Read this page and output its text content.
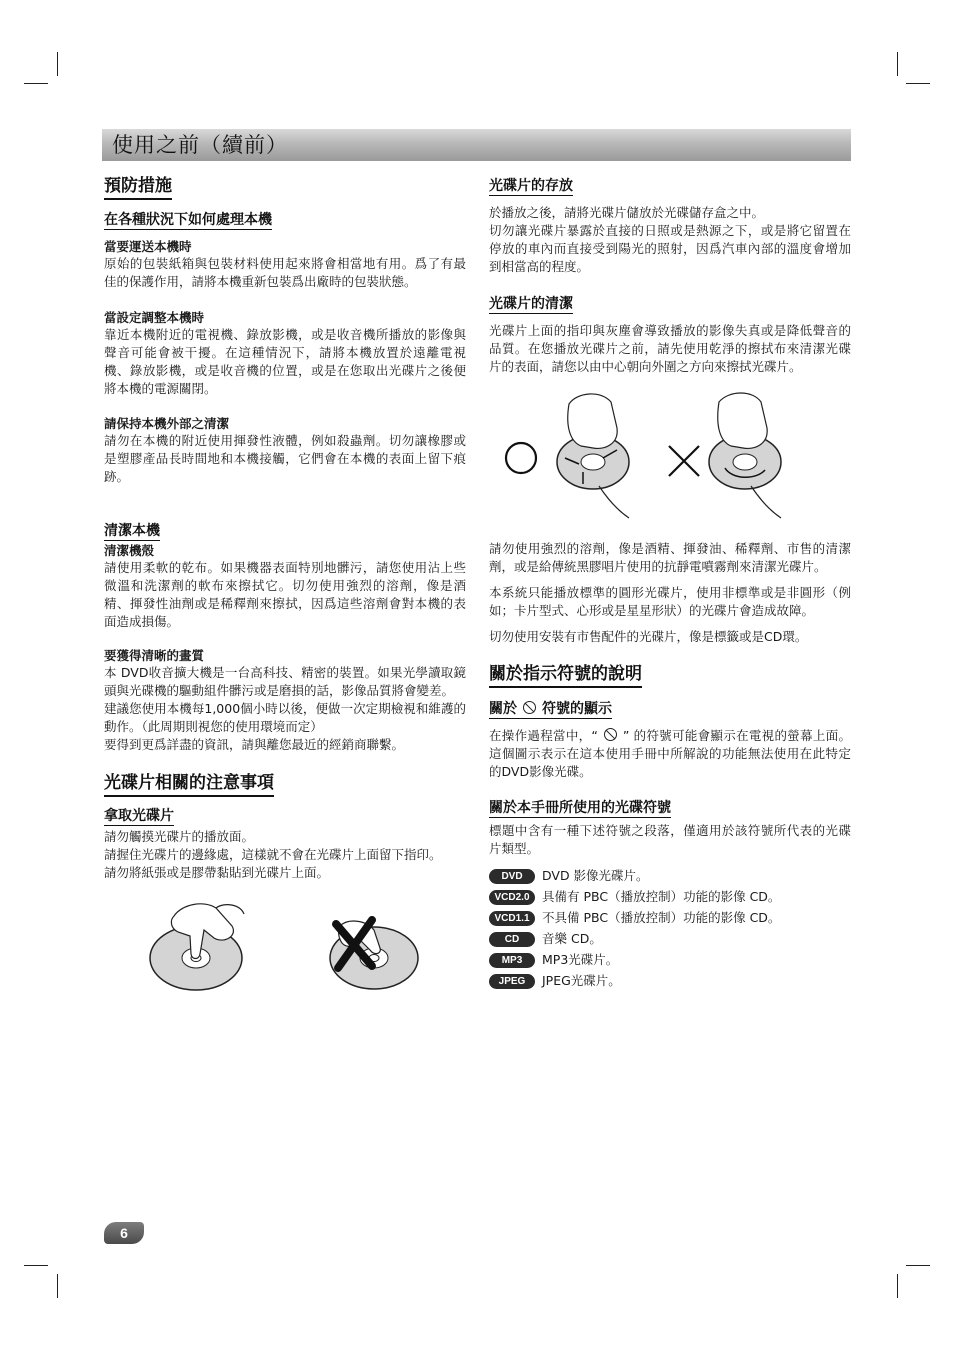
使用之前（續前）
預防措施
在各種狀況下如何處理本機
當要運送本機時

原始的包裝紙箱與包裝材料使用起來將會相當地有用。爲了有最佳的保護作用，請將本機重新包裝爲出廠時的包裝狀態。

當設定調整本機時

靠近本機附近的電視機、錄放影機，或是收音機所播放的影像與聲音可能會被干擾。在這種情況下，請將本機放置於遠離電視機、錄放影機，或是收音機的位置，或是在您取出光碟片之後便將本機的電源關閉。

請保持本機外部之清潔

請勿在本機的附近使用揮發性液體，例如殺蟲劑。切勿讓橡膠或是塑膠產品長時間地和本機接觸，它們會在本機的表面上留下痕跡。

清潔本機
清潔機殼

請使用柔軟的乾布。如果機器表面特別地髒污，請您使用沾上些微溫和洗潔劑的軟布來擦拭它。切勿使用強烈的溶劑，像是酒精、揮發性油劑或是稀釋劑來擦拭，因爲這些溶劑會對本機的表面造成損傷。

要獲得清晰的畫質

本 DVD收音擴大機是一台高科技、精密的裝置。如果光學讀取鏡頭與光碟機的驅動組件髒污或是磨損的話，影像品質將會變差。

建議您使用本機每1,000個小時以後，便做一次定期檢視和維護的動作。（此周期則視您的使用環境而定）

要得到更爲詳盡的資訊，請與離您最近的經銷商聯繫。

光碟片相關的注意事項
拿取光碟片

請勿觸摸光碟片的播放面。

請握住光碟片的邊緣處，這樣就不會在光碟片上面留下指印。

請勿將紙張或是膠帶黏貼到光碟片上面。

光碟片的存放

於播放之後，請將光碟片儲放於光碟儲存盒之中。

切勿讓光碟片暴露於直接的日照或是熱源之下，或是將它留置在停放的車內而直接受到陽光的照射，因爲汽車內部的溫度會增加到相當高的程度。

光碟片的清潔

光碟片上面的指印與灰塵會導致播放的影像失真或是降低聲音的品質。在您播放光碟片之前，請先使用乾淨的擦拭布來清潔光碟片的表面，請您以由中心朝向外圍之方向來擦拭光碟片。

請勿使用強烈的溶劑，像是酒精、揮發油、稀釋劑、市售的清潔劑，或是給傳統黑膠唱片使用的抗靜電噴霧劑來清潔光碟片。

本系統只能播放標準的圓形光碟片，使用非標準或是非圓形（例如；卡片型式、心形或是星星形狀）的光碟片會造成故障。

切勿使用安裝有市售配件的光碟片，像是標籤或是CD環。

關於指示符號的說明
關於 符號的顯示

在操作過程當中，“ ” 的符號可能會顯示在電視的螢幕上面。這個圖示表示在這本使用手冊中所解說的功能無法使用在此特定的DVD影像光碟。

關於本手冊所使用的光碟符號

標題中含有一種下述符號之段落，僅適用於該符號所代表的光碟片類型。

DVD	DVD 影像光碟片。
VCD2.0	具備有 PBC（播放控制）功能的影像 CD。
VCD1.1	不具備 PBC（播放控制）功能的影像 CD。
CD	音樂 CD。
MP3	MP3光碟片。
JPEG	JPEG光碟片。
6
